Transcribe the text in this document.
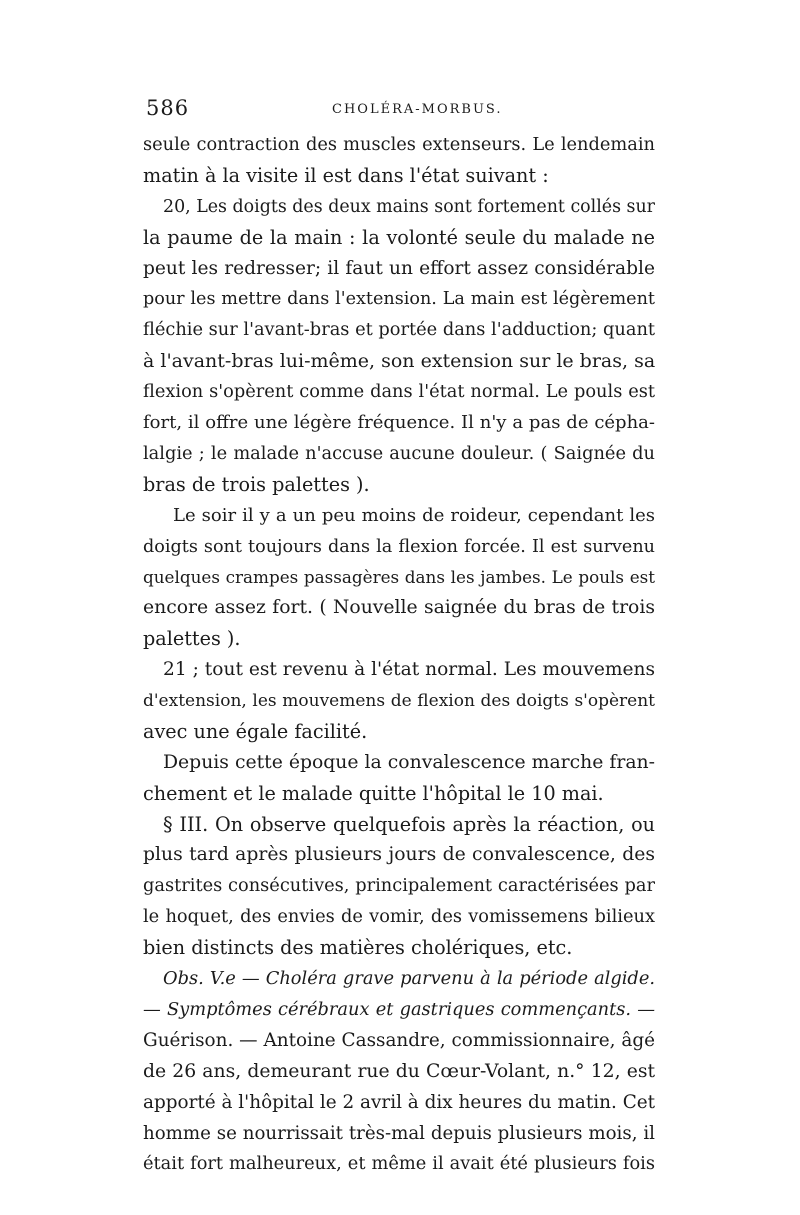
586	CHOLÉRA-MORBUS.
seule contraction des muscles extenseurs. Le lendemain
matin à la visite il est dans l'état suivant :
20, Les doigts des deux mains sont fortement collés sur
la paume de la main : la volonté seule du malade ne
peut les redresser; il faut un effort assez considérable
pour les mettre dans l'extension. La main est légèrement
fléchie sur l'avant-bras et portée dans l'adduction; quant
à l'avant-bras lui-même, son extension sur le bras, sa
flexion s'opèrent comme dans l'état normal. Le pouls est
fort, il offre une légère fréquence. Il n'y a pas de cépha-
lalgie ; le malade n'accuse aucune douleur. ( Saignée du
bras de trois palettes ).
Le soir il y a un peu moins de roideur, cependant les
doigts sont toujours dans la flexion forcée. Il est survenu
quelques crampes passagères dans les jambes. Le pouls est
encore assez fort. ( Nouvelle saignée du bras de trois
palettes ).
21 ; tout est revenu à l'état normal. Les mouvemens
d'extension, les mouvemens de flexion des doigts s'opèrent
avec une égale facilité.
Depuis cette époque la convalescence marche fran-
chement et le malade quitte l'hôpital le 10 mai.
§ III. On observe quelquefois après la réaction, ou
plus tard après plusieurs jours de convalescence, des
gastrites consécutives, principalement caractérisées par
le hoquet, des envies de vomir, des vomissemens bilieux
bien distincts des matières cholériques, etc.
Obs. V.e — Choléra grave parvenu à la période algide.
— Symptômes cérébraux et gastriques commençants. —
Guérison. — Antoine Cassandre, commissionnaire, âgé
de 26 ans, demeurant rue du Cœur-Volant, n.° 12, est
apporté à l'hôpital le 2 avril à dix heures du matin. Cet
homme se nourrissait très-mal depuis plusieurs mois, il
était fort malheureux, et même il avait été plusieurs fois
